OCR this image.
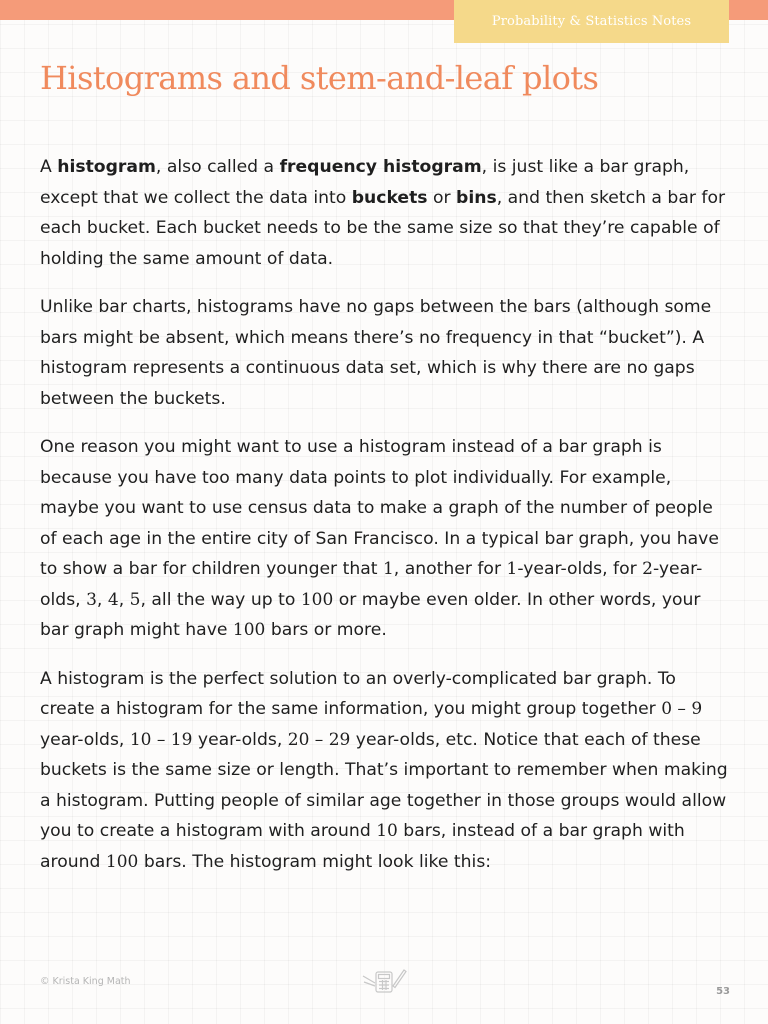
Probability & Statistics Notes
Histograms and stem-and-leaf plots

A histogram, also called a frequency histogram, is just like a bar graph, except that we collect the data into buckets or bins, and then sketch a bar for each bucket. Each bucket needs to be the same size so that they’re capable of holding the same amount of data.

Unlike bar charts, histograms have no gaps between the bars (although some bars might be absent, which means there’s no frequency in that “bucket”). A histogram represents a continuous data set, which is why there are no gaps between the buckets.

One reason you might want to use a histogram instead of a bar graph is because you have too many data points to plot individually. For example, maybe you want to use census data to make a graph of the number of people of each age in the entire city of San Francisco. In a typical bar graph, you have to show a bar for children younger that 1, another for 1-year-olds, for 2-year-olds, 3, 4, 5, all the way up to 100 or maybe even older. In other words, your bar graph might have 100 bars or more.

A histogram is the perfect solution to an overly-complicated bar graph. To create a histogram for the same information, you might group together 0 – 9 year-olds, 10 – 19 year-olds, 20 – 29 year-olds, etc. Notice that each of these buckets is the same size or length. That’s important to remember when making a histogram. Putting people of similar age together in those groups would allow you to create a histogram with around 10 bars, instead of a bar graph with around 100 bars. The histogram might look like this:

© Krista King Math
53
